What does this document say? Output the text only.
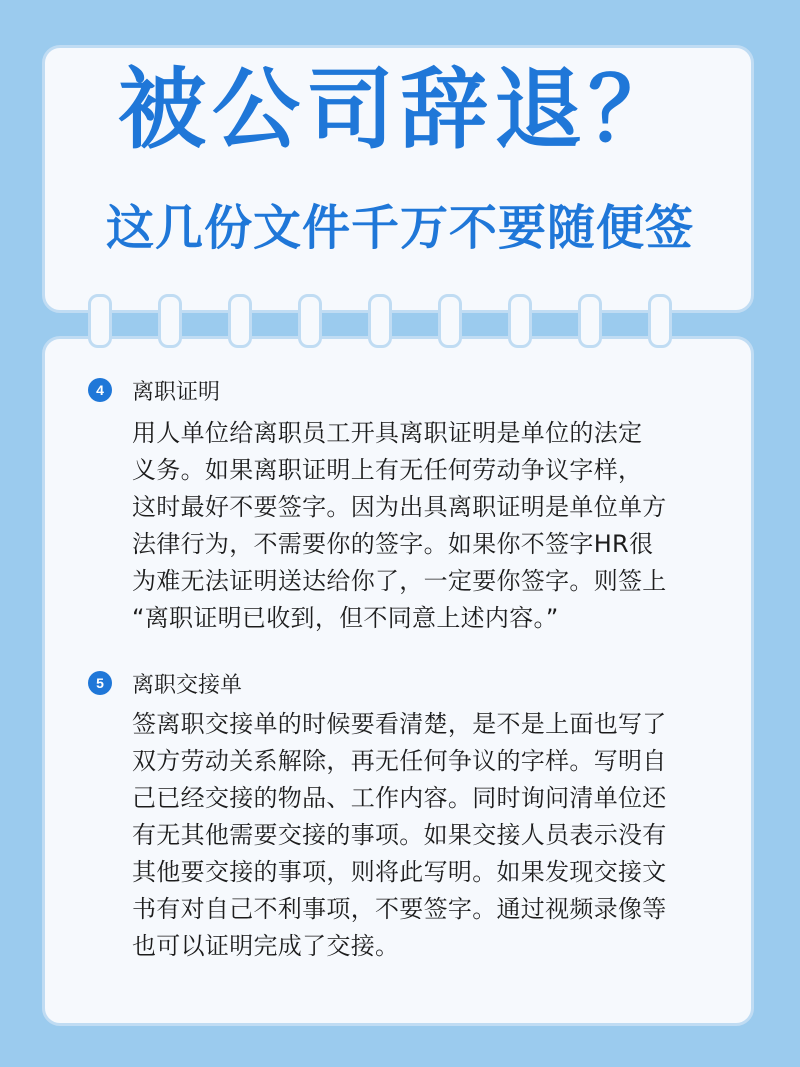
被公司辞退？
这几份文件千万不要随便签
4	离职证明
用人单位给离职员工开具离职证明是单位的法定
义务。如果离职证明上有无任何劳动争议字样，
这时最好不要签字。因为出具离职证明是单位单方
法律行为，不需要你的签字。如果你不签字HR很
为难无法证明送达给你了，一定要你签字。则签上
“离职证明已收到，但不同意上述内容。”
5	离职交接单
签离职交接单的时候要看清楚，是不是上面也写了
双方劳动关系解除，再无任何争议的字样。写明自
己已经交接的物品、工作内容。同时询问清单位还
有无其他需要交接的事项。如果交接人员表示没有
其他要交接的事项，则将此写明。如果发现交接文
书有对自己不利事项，不要签字。通过视频录像等
也可以证明完成了交接。
